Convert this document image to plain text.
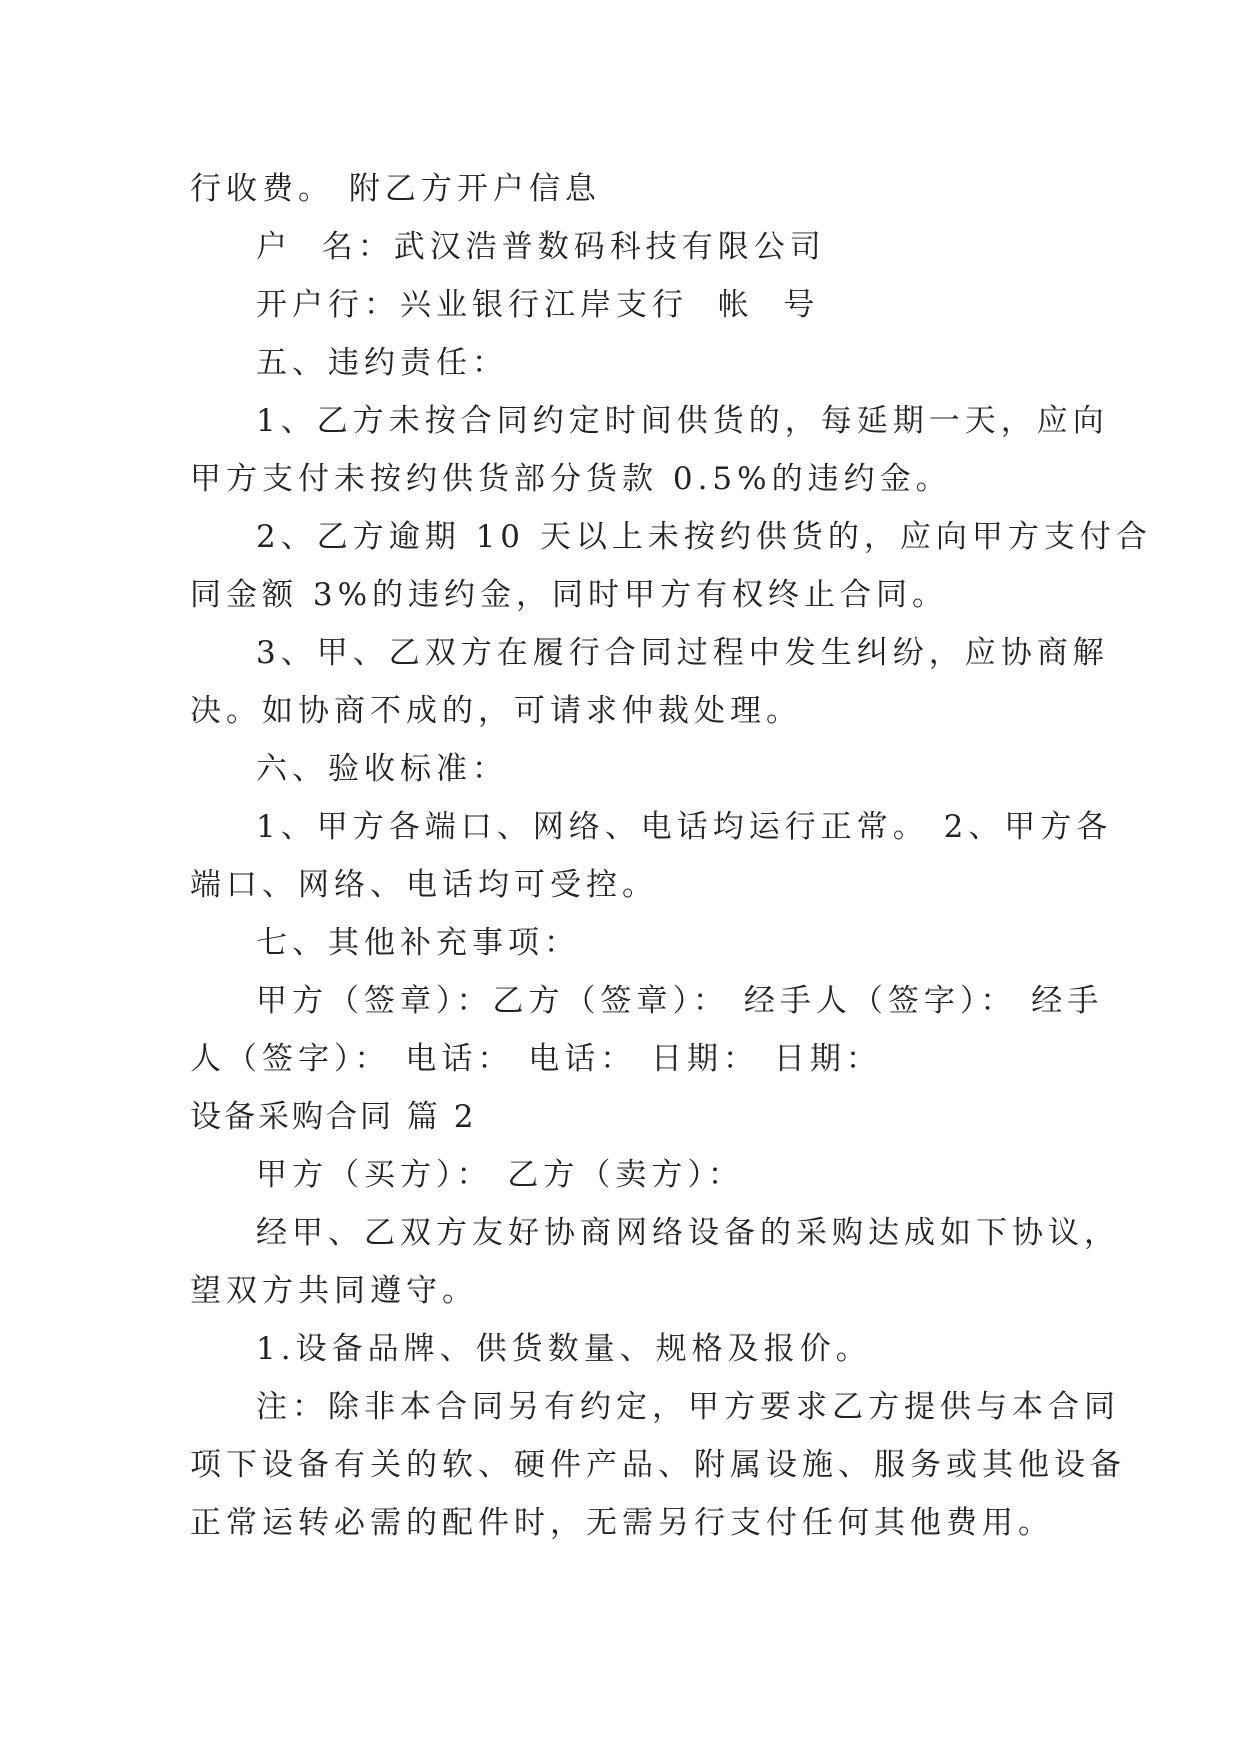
行收费。 附乙方开户信息
户  名：武汉浩普数码科技有限公司
开户行：兴业银行江岸支行  帐  号
五、违约责任：
1、乙方未按合同约定时间供货的，每延期一天，应向
甲方支付未按约供货部分货款 0.5%的违约金。
2、乙方逾期 10 天以上未按约供货的，应向甲方支付合
同金额 3%的违约金，同时甲方有权终止合同。
3、甲、乙双方在履行合同过程中发生纠纷，应协商解
决。如协商不成的，可请求仲裁处理。
六、验收标准：
1、甲方各端口、网络、电话均运行正常。 2、甲方各
端口、网络、电话均可受控。
七、其他补充事项：
甲方（签章）：乙方（签章）： 经手人（签字）： 经手
人（签字）： 电话： 电话： 日期： 日期：
设备采购合同 篇 2
甲方（买方）： 乙方（卖方）：
经甲、乙双方友好协商网络设备的采购达成如下协议，
望双方共同遵守。
1.设备品牌、供货数量、规格及报价。
注：除非本合同另有约定，甲方要求乙方提供与本合同
项下设备有关的软、硬件产品、附属设施、服务或其他设备
正常运转必需的配件时，无需另行支付任何其他费用。
